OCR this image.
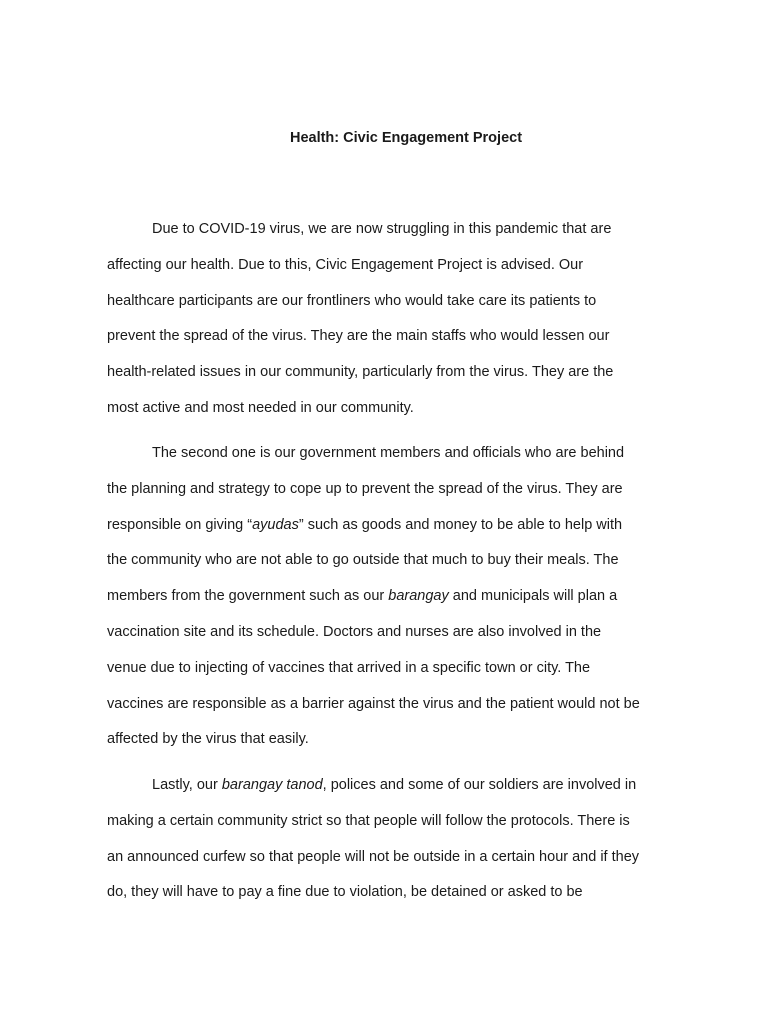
Health: Civic Engagement Project
Due to COVID-19 virus, we are now struggling in this pandemic that are
affecting our health. Due to this, Civic Engagement Project is advised. Our
healthcare participants are our frontliners who would take care its patients to
prevent the spread of the virus. They are the main staffs who would lessen our
health-related issues in our community, particularly from the virus. They are the
most active and most needed in our community.
The second one is our government members and officials who are behind
the planning and strategy to cope up to prevent the spread of the virus. They are
responsible on giving “ayudas” such as goods and money to be able to help with
the community who are not able to go outside that much to buy their meals. The
members from the government such as our barangay and municipals will plan a
vaccination site and its schedule. Doctors and nurses are also involved in the
venue due to injecting of vaccines that arrived in a specific town or city. The
vaccines are responsible as a barrier against the virus and the patient would not be
affected by the virus that easily.
Lastly, our barangay tanod, polices and some of our soldiers are involved in
making a certain community strict so that people will follow the protocols. There is
an announced curfew so that people will not be outside in a certain hour and if they
do, they will have to pay a fine due to violation, be detained or asked to be
